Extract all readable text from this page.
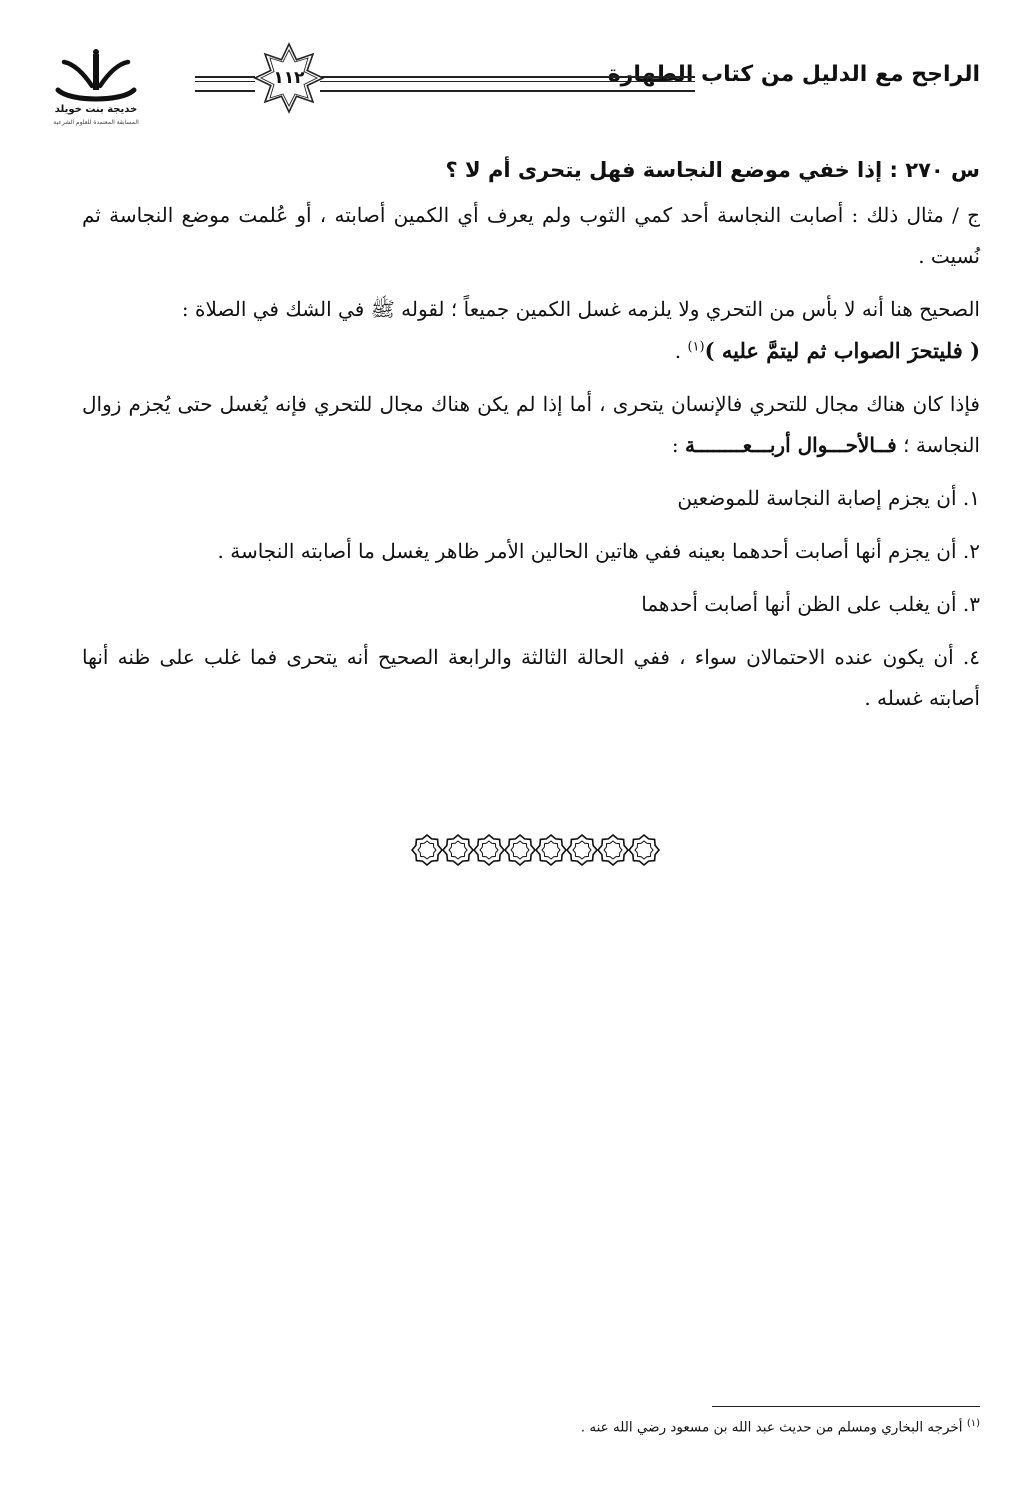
الراجح مع الدليل من كتاب الطهارة
١١٢
خديجة بنت خويلد
المسابقة المعتمدة للعلوم الشرعية

س ٢٧٠ : إذا خفي موضع النجاسة فهل يتحرى أم لا ؟

ج / مثال ذلك : أصابت النجاسة أحد كمي الثوب ولم يعرف أي الكمين أصابته ، أو عُلمت موضع النجاسة ثم نُسيت .

الصحيح هنا أنه لا بأس من التحري ولا يلزمه غسل الكمين جميعاً ؛ لقوله ﷺ في الشك في الصلاة :
( فليتحرَ الصواب ثم ليتمَّ عليه )$^{(١)}$ .

فإذا كان هناك مجال للتحري فالإنسان يتحرى ، أما إذا لم يكن هناك مجال للتحري فإنه يُغسل حتى يُجزم زوال النجاسة ؛ فــالأحـــوال أربـــعــــــــة :

١. أن يجزم إصابة النجاسة للموضعين
٢. أن يجزم أنها أصابت أحدهما بعينه ففي هاتين الحالين الأمر ظاهر يغسل ما أصابته النجاسة .
٣. أن يغلب على الظن أنها أصابت أحدهما
٤. أن يكون عنده الاحتمالان سواء ، ففي الحالة الثالثة والرابعة الصحيح أنه يتحرى فما غلب على ظنه أنها أصابته غسله .
$^{(١)}$ أخرجه البخاري ومسلم من حديث عبد الله بن مسعود رضي الله عنه .
